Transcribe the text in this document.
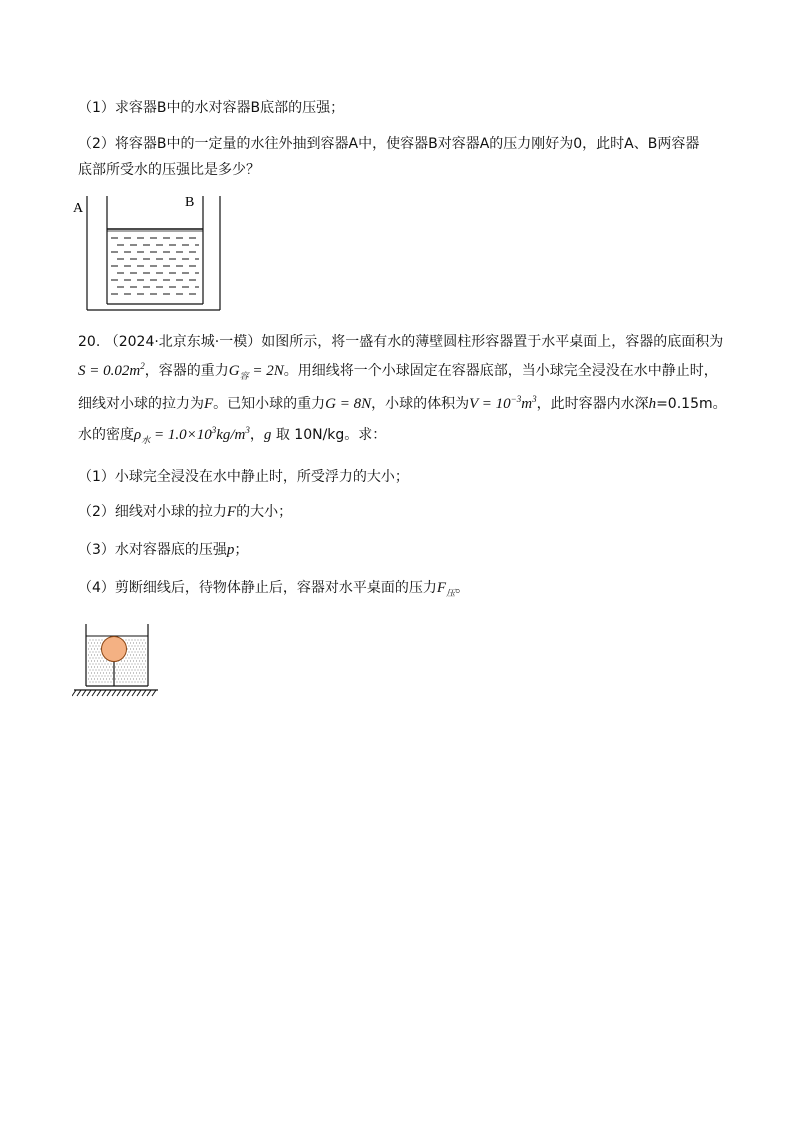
（1）求容器B中的水对容器B底部的压强；
（2）将容器B中的一定量的水往外抽到容器A中，使容器B对容器A的压力刚好为0，此时A、B两容器
底部所受水的压强比是多少？
A	B
20. （2024·北京东城·一模）如图所示，将一盛有水的薄壁圆柱形容器置于水平桌面上，容器的底面积为
$S = 0.02m^2$，容器的重力$G_容 = 2N$。用细线将一个小球固定在容器底部，当小球完全浸没在水中静止时，
细线对小球的拉力为F。已知小球的重力G = 8N，小球的体积为$V = 10^{-3}m^3$，此时容器内水深h=0.15m。
水的密度$\rho_水 = 1.0\times 10^3kg/m^3$，g 取 10N/kg。求：
（1）小球完全浸没在水中静止时，所受浮力的大小；
（2）细线对小球的拉力F的大小；
（3）水对容器底的压强p；
（4）剪断细线后，待物体静止后，容器对水平桌面的压力$F_压$。
